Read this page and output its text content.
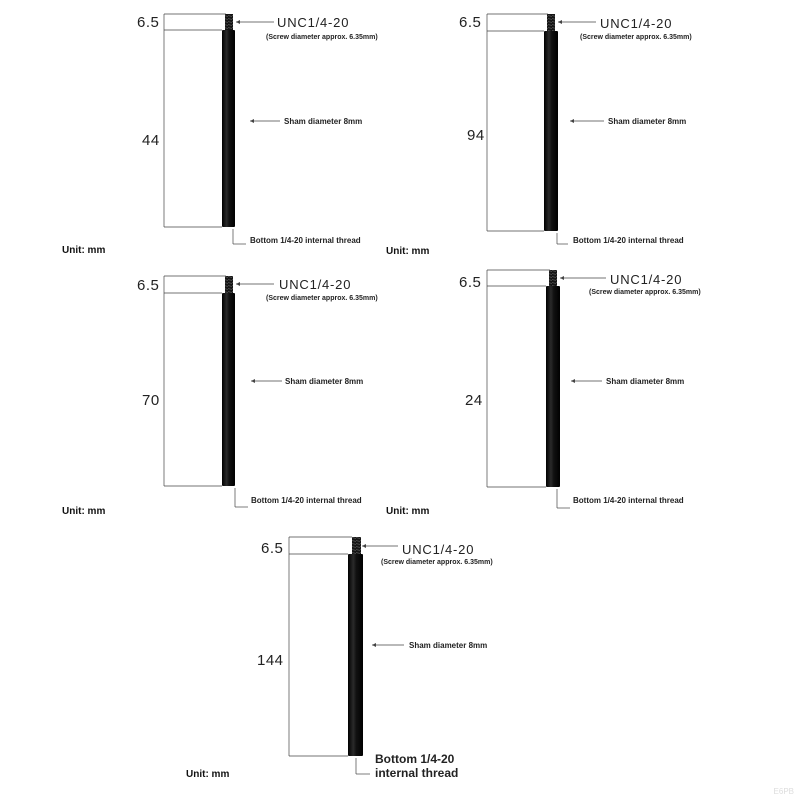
6.5
44
UNC1/4-20
(Screw diameter approx. 6.35mm)
Sham diameter 8mm
Bottom 1/4-20 internal thread
Unit: mm
6.5
94
UNC1/4-20
(Screw diameter approx. 6.35mm)
Sham diameter 8mm
Bottom 1/4-20 internal thread
Unit: mm
6.5
70
UNC1/4-20
(Screw diameter approx. 6.35mm)
Sham diameter 8mm
Bottom 1/4-20 internal thread
Unit: mm
6.5
24
UNC1/4-20
(Screw diameter approx. 6.35mm)
Sham diameter 8mm
Bottom 1/4-20 internal thread
Unit: mm
6.5
144
UNC1/4-20
(Screw diameter approx. 6.35mm)
Sham diameter 8mm
Bottom 1/4-20 internal thread
Unit: mm
E6PB
